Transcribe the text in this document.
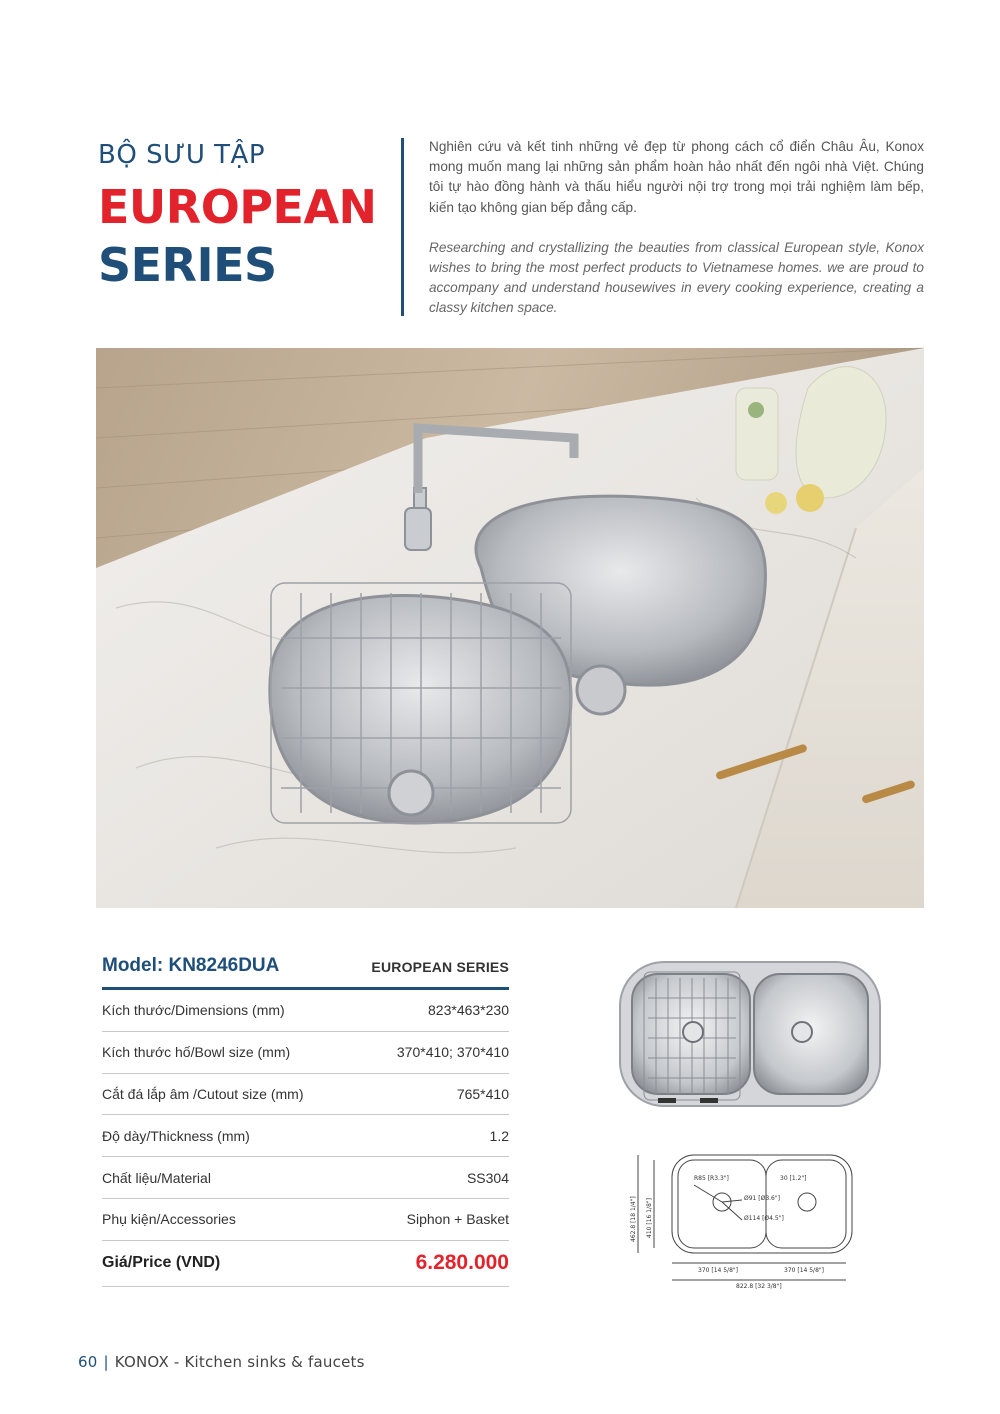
BỘ SƯU TẬP
EUROPEAN
SERIES

Nghiên cứu và kết tinh những vẻ đẹp từ phong cách cổ điển Châu Âu, Konox mong muốn mang lại những sản phẩm hoàn hảo nhất đến ngôi nhà Việt. Chúng tôi tự hào đồng hành và thấu hiểu người nội trợ trong mọi trải nghiệm làm bếp, kiến tạo không gian bếp đẳng cấp.

Researching and crystallizing the beauties from classical European style, Konox wishes to bring the most perfect products to Vietnamese homes. we are proud to accompany and understand housewives in every cooking experience, creating a classy kitchen space.

Model: KN8246DUA	EUROPEAN SERIES
Kích thước/Dimensions (mm)	823*463*230
Kích thước hố/Bowl size (mm)	370*410; 370*410
Cắt đá lắp âm /Cutout size (mm)	765*410
Độ dày/Thickness (mm)	1.2
Chất liệu/Material	SS304
Phụ kiện/Accessories	Siphon + Basket
Giá/Price (VND)	6.280.000
R85 [R3.3"]	30 [1.2"]
Ø91 [Ø3.6"]
Ø114 [Ø4.5"]
462.8 [18 1/4"] 410 [16 1/8"]
370 [14 5/8"]	370 [14 5/8"]
822.8 [32 3/8"]
60 | KONOX - Kitchen sinks & faucets
